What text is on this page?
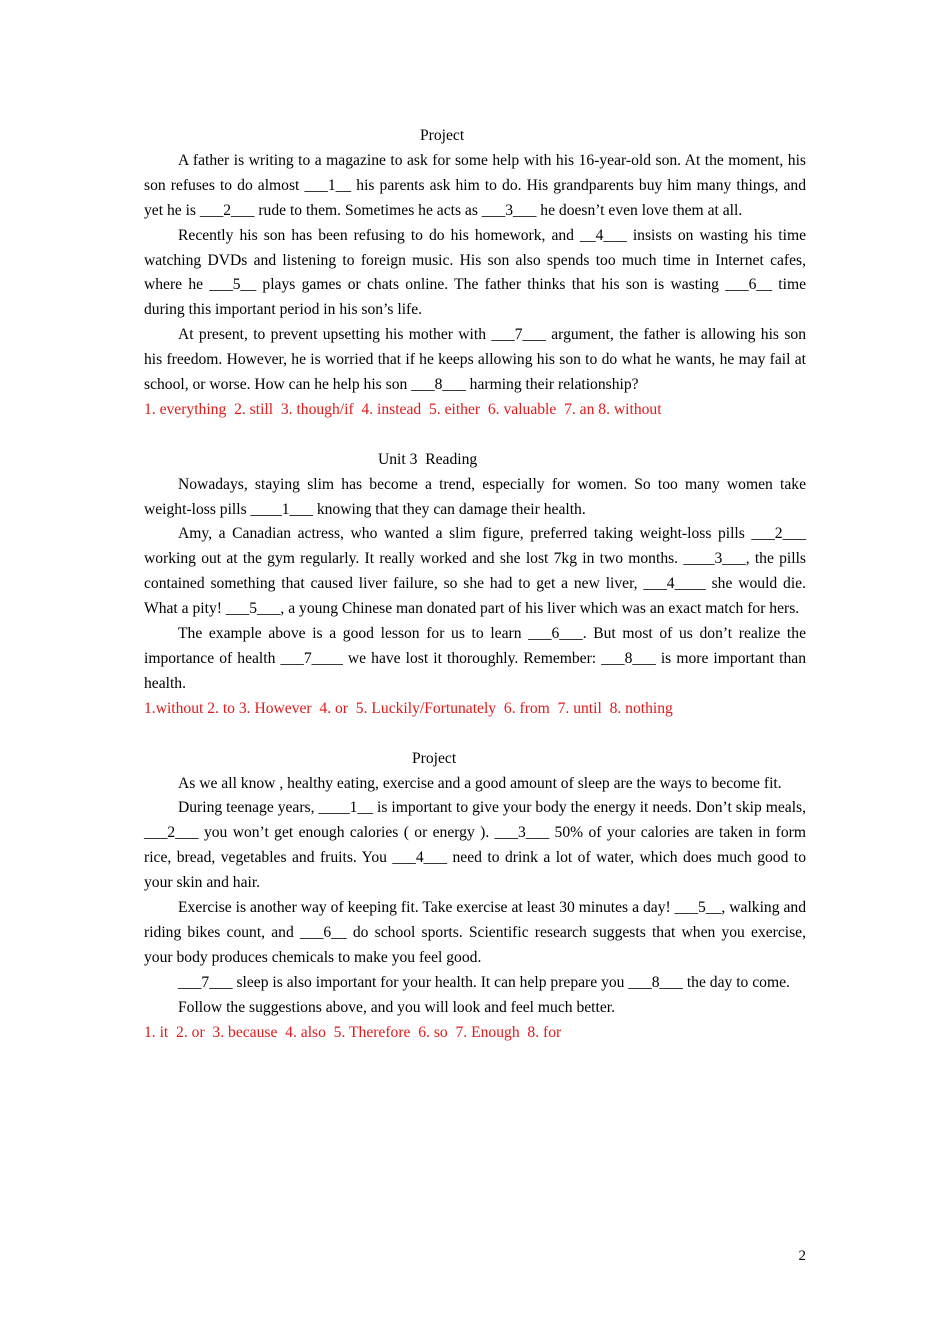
Project

A father is writing to a magazine to ask for some help with his 16-year-old son. At the moment, his son refuses to do almost ___1__ his parents ask him to do. His grandparents buy him many things, and yet he is ___2___ rude to them. Sometimes he acts as ___3___ he doesn’t even love them at all.

Recently his son has been refusing to do his homework, and __4___ insists on wasting his time watching DVDs and listening to foreign music. His son also spends too much time in Internet cafes, where he ___5__ plays games or chats online. The father thinks that his son is wasting ___6__ time during this important period in his son’s life.

At present, to prevent upsetting his mother with ___7___ argument, the father is allowing his son his freedom. However, he is worried that if he keeps allowing his son to do what he wants, he may fail at school, or worse. How can he help his son ___8___ harming their relationship?

1. everything  2. still  3. though/if  4. instead  5. either  6. valuable  7. an 8. without

Unit 3  Reading

Nowadays, staying slim has become a trend, especially for women. So too many women take weight-loss pills ____1___ knowing that they can damage their health.

Amy, a Canadian actress, who wanted a slim figure, preferred taking weight-loss pills ___2___ working out at the gym regularly. It really worked and she lost 7kg in two months. ____3___, the pills contained something that caused liver failure, so she had to get a new liver, ___4____ she would die. What a pity! ___5___, a young Chinese man donated part of his liver which was an exact match for hers.

The example above is a good lesson for us to learn ___6___. But most of us don’t realize the importance of health ___7____ we have lost it thoroughly. Remember: ___8___ is more important than health.

1.without 2. to 3. However  4. or  5. Luckily/Fortunately  6. from  7. until  8. nothing

Project

As we all know , healthy eating, exercise and a good amount of sleep are the ways to become fit.

During teenage years, ____1__ is important to give your body the energy it needs. Don’t skip meals, ___2___ you won’t get enough calories ( or energy ). ___3___ 50% of your calories are taken in form rice, bread, vegetables and fruits. You ___4___ need to drink a lot of water, which does much good to your skin and hair.

Exercise is another way of keeping fit. Take exercise at least 30 minutes a day! ___5__, walking and riding bikes count, and ___6__ do school sports. Scientific research suggests that when you exercise, your body produces chemicals to make you feel good.

___7___ sleep is also important for your health. It can help prepare you ___8___ the day to come.

Follow the suggestions above, and you will look and feel much better.

1. it  2. or  3. because  4. also  5. Therefore  6. so  7. Enough  8. for

2
